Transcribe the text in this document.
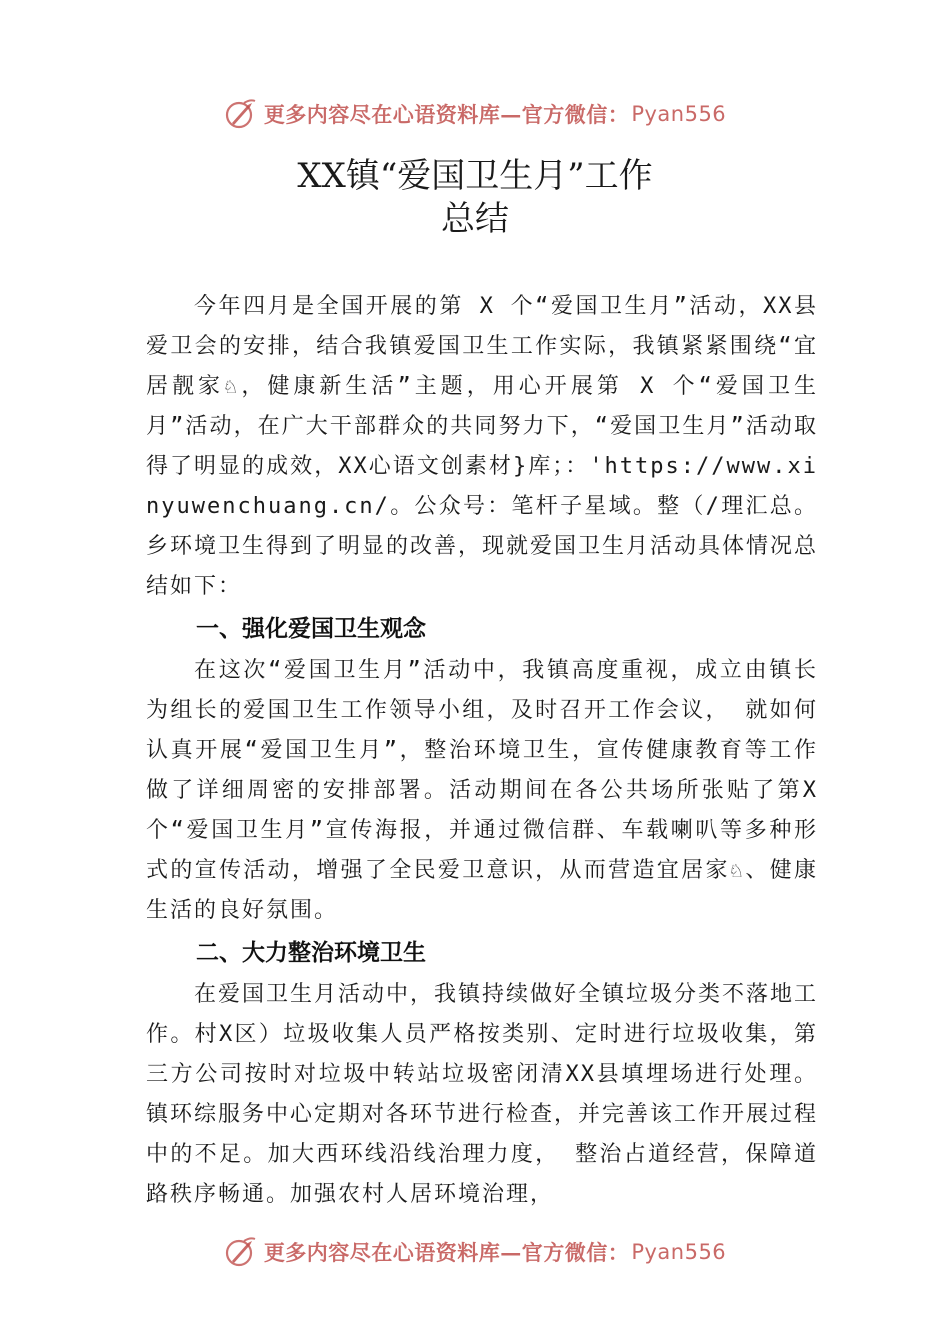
更多内容尽在心语资料库—官方微信： Pyan556
XX镇“爱国卫生月”工作
总结

今年四月是全国开展的第 X 个“爱国卫生月”活动，XX县爱卫会的安排，结合我镇爱国卫生工作实际，我镇紧紧围绕“宜居靓家♘，健康新生活”主题，用心开展第 X 个“爱国卫生月”活动，在广大干部群众的共同努力下，“爱国卫生月”活动取得了明显的成效，XX心语文创素材}库；：'https://www.xinyuwenchuang.cn/。公众号：笔杆子星域。整（/理汇总。乡环境卫生得到了明显的改善，现就爱国卫生月活动具体情况总结如下：

一、强化爱国卫生观念

在这次“爱国卫生月”活动中，我镇高度重视，成立由镇长为组长的爱国卫生工作领导小组，及时召开工作会议， 就如何认真开展“爱国卫生月”，整治环境卫生，宣传健康教育等工作做了详细周密的安排部署。活动期间在各公共场所张贴了第X个“爱国卫生月”宣传海报，并通过微信群、车载喇叭等多种形式的宣传活动，增强了全民爱卫意识，从而营造宜居家♘、健康生活的良好氛围。

二、大力整治环境卫生

在爱国卫生月活动中，我镇持续做好全镇垃圾分类不落地工作。村X区）垃圾收集人员严格按类别、定时进行垃圾收集，第三方公司按时对垃圾中转站垃圾密闭清XX县填埋场进行处理。镇环综服务中心定期对各环节进行检查，并完善该工作开展过程中的不足。加大西环线沿线治理力度， 整治占道经营，保障道路秩序畅通。加强农村人居环境治理，

更多内容尽在心语资料库—官方微信： Pyan556
